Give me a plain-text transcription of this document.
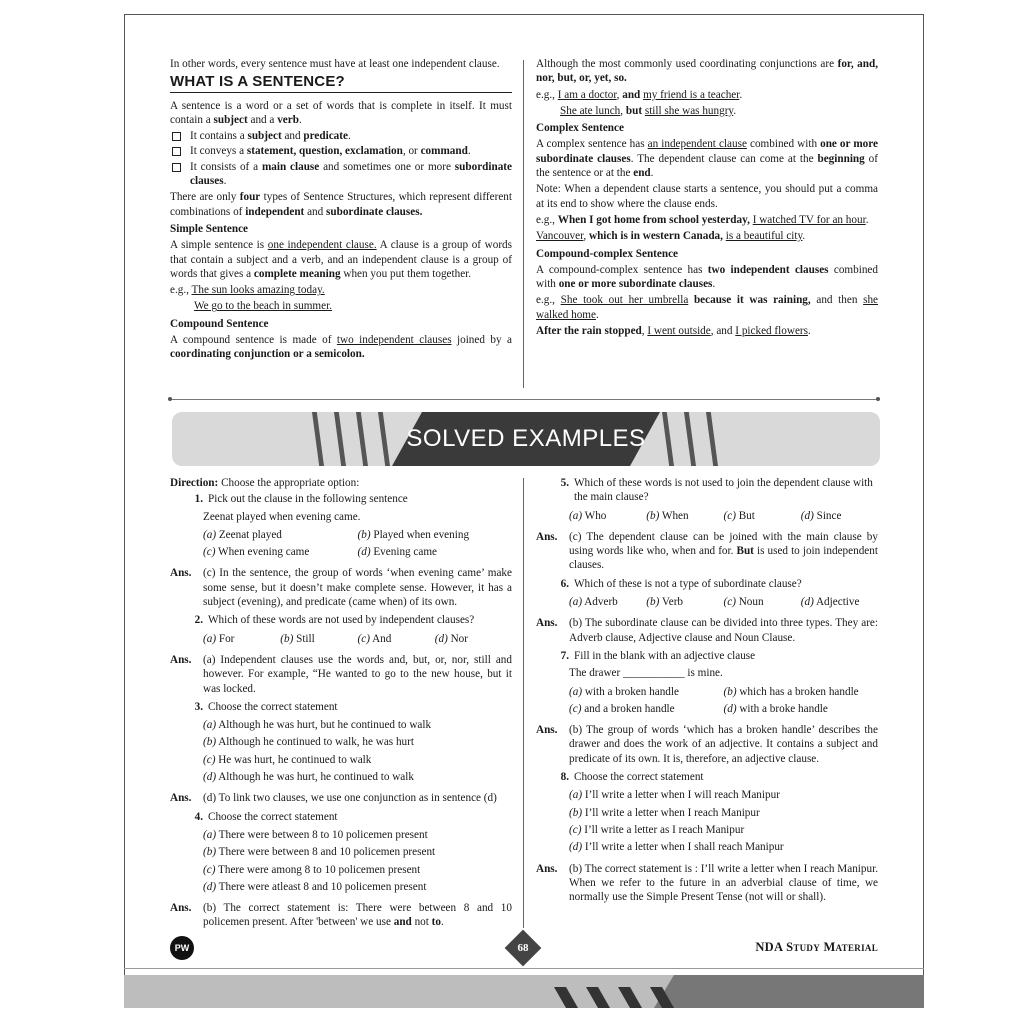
In other words, every sentence must have at least one independent clause.

WHAT IS A SENTENCE?

A sentence is a word or a set of words that is complete in itself. It must contain a subject and a verb.

It contains a subject and predicate.
It conveys a statement, question, exclamation, or command.
It consists of a main clause and sometimes one or more subordinate clauses.

There are only four types of Sentence Structures, which represent different combinations of independent and subordinate clauses.

Simple Sentence

A simple sentence is one independent clause. A clause is a group of words that contain a subject and a verb, and an independent clause is a group of words that gives a complete meaning when you put them together.

e.g., The sun looks amazing today.

We go to the beach in summer.

Compound Sentence

A compound sentence is made of two independent clauses joined by a coordinating conjunction or a semicolon.

Although the most commonly used coordinating conjunctions are for, and, nor, but, or, yet, so.

e.g., I am a doctor, and my friend is a teacher.

She ate lunch, but still she was hungry.

Complex Sentence

A complex sentence has an independent clause combined with one or more subordinate clauses. The dependent clause can come at the beginning of the sentence or at the end.

Note: When a dependent clause starts a sentence, you should put a comma at its end to show where the clause ends.

e.g., When I got home from school yesterday, I watched TV for an hour.

Vancouver, which is in western Canada, is a beautiful city.

Compound-complex Sentence

A compound-complex sentence has two independent clauses combined with one or more subordinate clauses.

e.g., She took out her umbrella because it was raining, and then she walked home.

After the rain stopped, I went outside, and I picked flowers.

SOLVED EXAMPLES

Direction: Choose the appropriate option:

1. Pick out the clause in the following sentence
Zeenat played when evening came.
(a) Zeenat played	(b) Played when evening
(c) When evening came	(d) Evening came
Ans.	(c) In the sentence, the group of words ‘when evening came’ make some sense, but it doesn’t make complete sense. However, it has a subject (evening), and predicate (came when) of its own.
2. Which of these words are not used by independent clauses?
(a) For	(b) Still	(c) And	(d) Nor
Ans.	(a) Independent clauses use the words and, but, or, nor, still and however. For example, “He wanted to go to the new house, but it was locked.
3. Choose the correct statement
(a) Although he was hurt, but he continued to walk
(b) Although he continued to walk, he was hurt
(c) He was hurt, he continued to walk
(d) Although he was hurt, he continued to walk
Ans.	(d) To link two clauses, we use one conjunction as in sentence (d)
4. Choose the correct statement
(a) There were between 8 to 10 policemen present
(b) There were between 8 and 10 policemen present
(c) There were among 8 to 10 policemen present
(d) There were atleast 8 and 10 policemen present
Ans.	(b) The correct statement is: There were between 8 and 10 policemen present. After 'between' we use and not to.
5. Which of these words is not used to join the dependent clause with the main clause?
(a) Who	(b) When	(c) But	(d) Since
Ans.	(c) The dependent clause can be joined with the main clause by using words like who, when and for. But is used to join independent clauses.
6. Which of these is not a type of subordinate clause?
(a) Adverb	(b) Verb	(c) Noun	(d) Adjective
Ans.	(b) The subordinate clause can be divided into three types. They are: Adverb clause, Adjective clause and Noun Clause.
7. Fill in the blank with an adjective clause
The drawer ___________ is mine.
(a) with a broken handle	(b) which has a broken handle
(c) and a broken handle	(d) with a broke handle
Ans.	(b) The group of words ‘which has a broken handle’ describes the drawer and does the work of an adjective. It contains a subject and predicate of its own. It is, therefore, an adjective clause.
8. Choose the correct statement
(a) I’ll write a letter when I will reach Manipur
(b) I’ll write a letter when I reach Manipur
(c) I’ll write a letter as I reach Manipur
(d) I’ll write a letter when I shall reach Manipur
Ans.	(b) The correct statement is : I’ll write a letter when I reach Manipur. When we refer to the future in an adverbial clause of time, we normally use the Simple Present Tense (not will or shall).
PW	68	NDA Study Material
